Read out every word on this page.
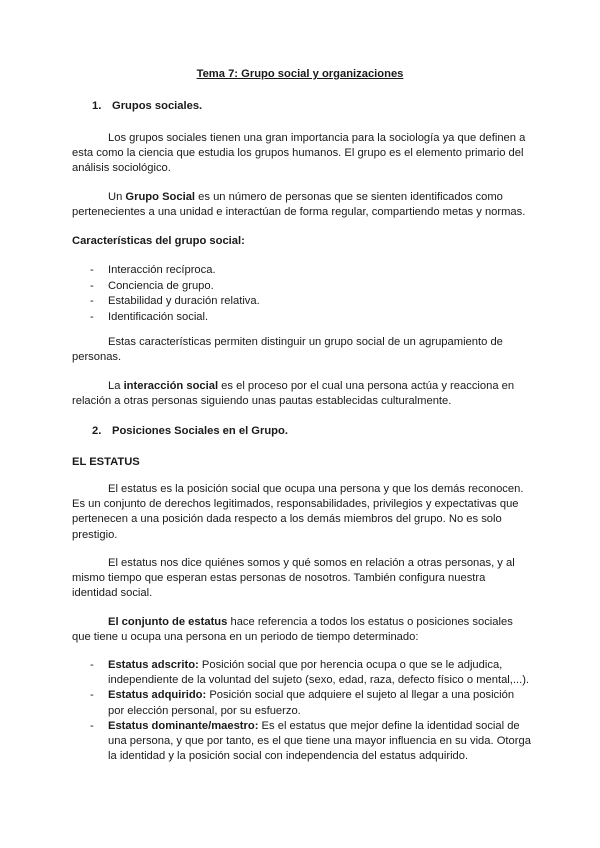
Tema 7: Grupo social y organizaciones
1. Grupos sociales.

Los grupos sociales tienen una gran importancia para la sociología ya que definen a esta como la ciencia que estudia los grupos humanos. El grupo es el elemento primario del análisis sociológico.

Un Grupo Social es un número de personas que se sienten identificados como pertenecientes a una unidad e interactúan de forma regular, compartiendo metas y normas.

Características del grupo social:
- Interacción recíproca.
- Conciencia de grupo.
- Estabilidad y duración relativa.
- Identificación social.

Estas características permiten distinguir un grupo social de un agrupamiento de personas.

La interacción social es el proceso por el cual una persona actúa y reacciona en relación a otras personas siguiendo unas pautas establecidas culturalmente.

2. Posiciones Sociales en el Grupo.
EL ESTATUS

El estatus es la posición social que ocupa una persona y que los demás reconocen. Es un conjunto de derechos legitimados, responsabilidades, privilegios y expectativas que pertenecen a una posición dada respecto a los demás miembros del grupo. No es solo prestigio.

El estatus nos dice quiénes somos y qué somos en relación a otras personas, y al mismo tiempo que esperan estas personas de nosotros. También configura nuestra identidad social.

El conjunto de estatus hace referencia a todos los estatus o posiciones sociales que tiene u ocupa una persona en un periodo de tiempo determinado:

- Estatus adscrito: Posición social que por herencia ocupa o que se le adjudica, independiente de la voluntad del sujeto (sexo, edad, raza, defecto físico o mental,...).
- Estatus adquirido: Posición social que adquiere el sujeto al llegar a una posición por elección personal, por su esfuerzo.
- Estatus dominante/maestro: Es el estatus que mejor define la identidad social de una persona, y que por tanto, es el que tiene una mayor influencia en su vida. Otorga la identidad y la posición social con independencia del estatus adquirido.
